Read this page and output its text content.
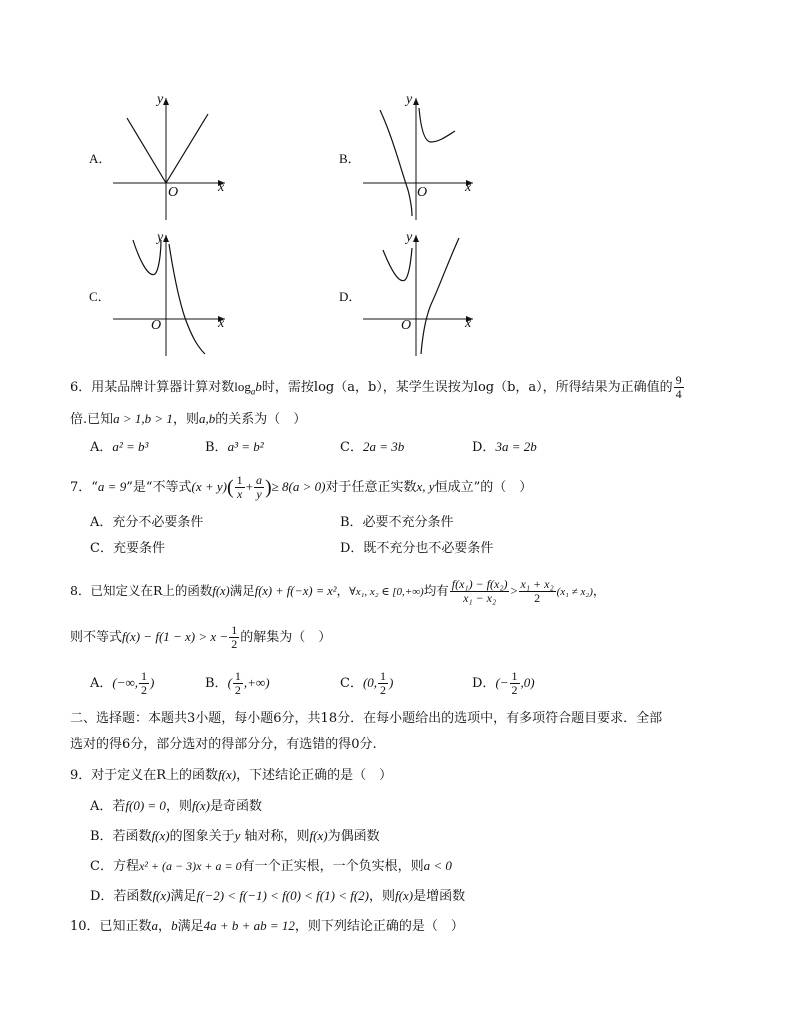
A．
y
x
O
B．
y
x
O
C．
y
x
O
D．
y
x
O
6．用某品牌计算器计算对数$\log_ab$时，需按log（a，b），某学生误按为log（b，a），所得结果为正确值的 $\frac{9}{4}$
倍.已知a > 1,b > 1，则a,b的关系为（　）
A．a² = b³	B．a³ = b²	C．2a = 3b	D．3a = 2b
7．“a = 9”是“不等式$(x + y)( \frac{1}{x} + \frac{a}{y}$ )≥ 8(a > 0)对于任意正实数x, y恒成立”的（　）
A．充分不必要条件	B．必要不充分条件
C．充要条件	D．既不充分也不必要条件
8．已知定义在R上的函数f(x)满足f(x) + f(−x) = x²，∀x₁, x₂ ∈ [0,+∞)均有 $\frac{\text{f(x₁) − f(x₂)}}{\text{x₁ − x₂}} > \frac{\text{x₁ + x₂}}{2} (x_1 \ne x_2)$，
则不等式$f(x) - f(1 - x) > x - \frac{1}{2}$ 的解集为（　）
A．(−∞, $\frac{1}{2}$ )	B．( $\frac{1}{2}$ ,+∞)	C．(0, $\frac{1}{2}$ )	D．(− $\frac{1}{2} ,0$)
二、选择题：本题共3小题，每小题6分，共18分．在每小题给出的选项中，有多项符合题目要求．全部
选对的得6分，部分选对的得部分分，有选错的得0分.
9．对于定义在R上的函数f(x)，下述结论正确的是（　）
A．若f(0) = 0，则f(x)是奇函数
B．若函数f(x)的图象关于y 轴对称，则f(x)为偶函数
C．方程x² + (a − 3)x + a = 0有一个正实根，一个负实根，则a < 0
D．若函数f(x)满足f(−2) < f(−1) < f(0) < f(1) < f(2)，则f(x)是增函数
10．已知正数a，b满足4a + b + ab = 12，则下列结论正确的是（　）
